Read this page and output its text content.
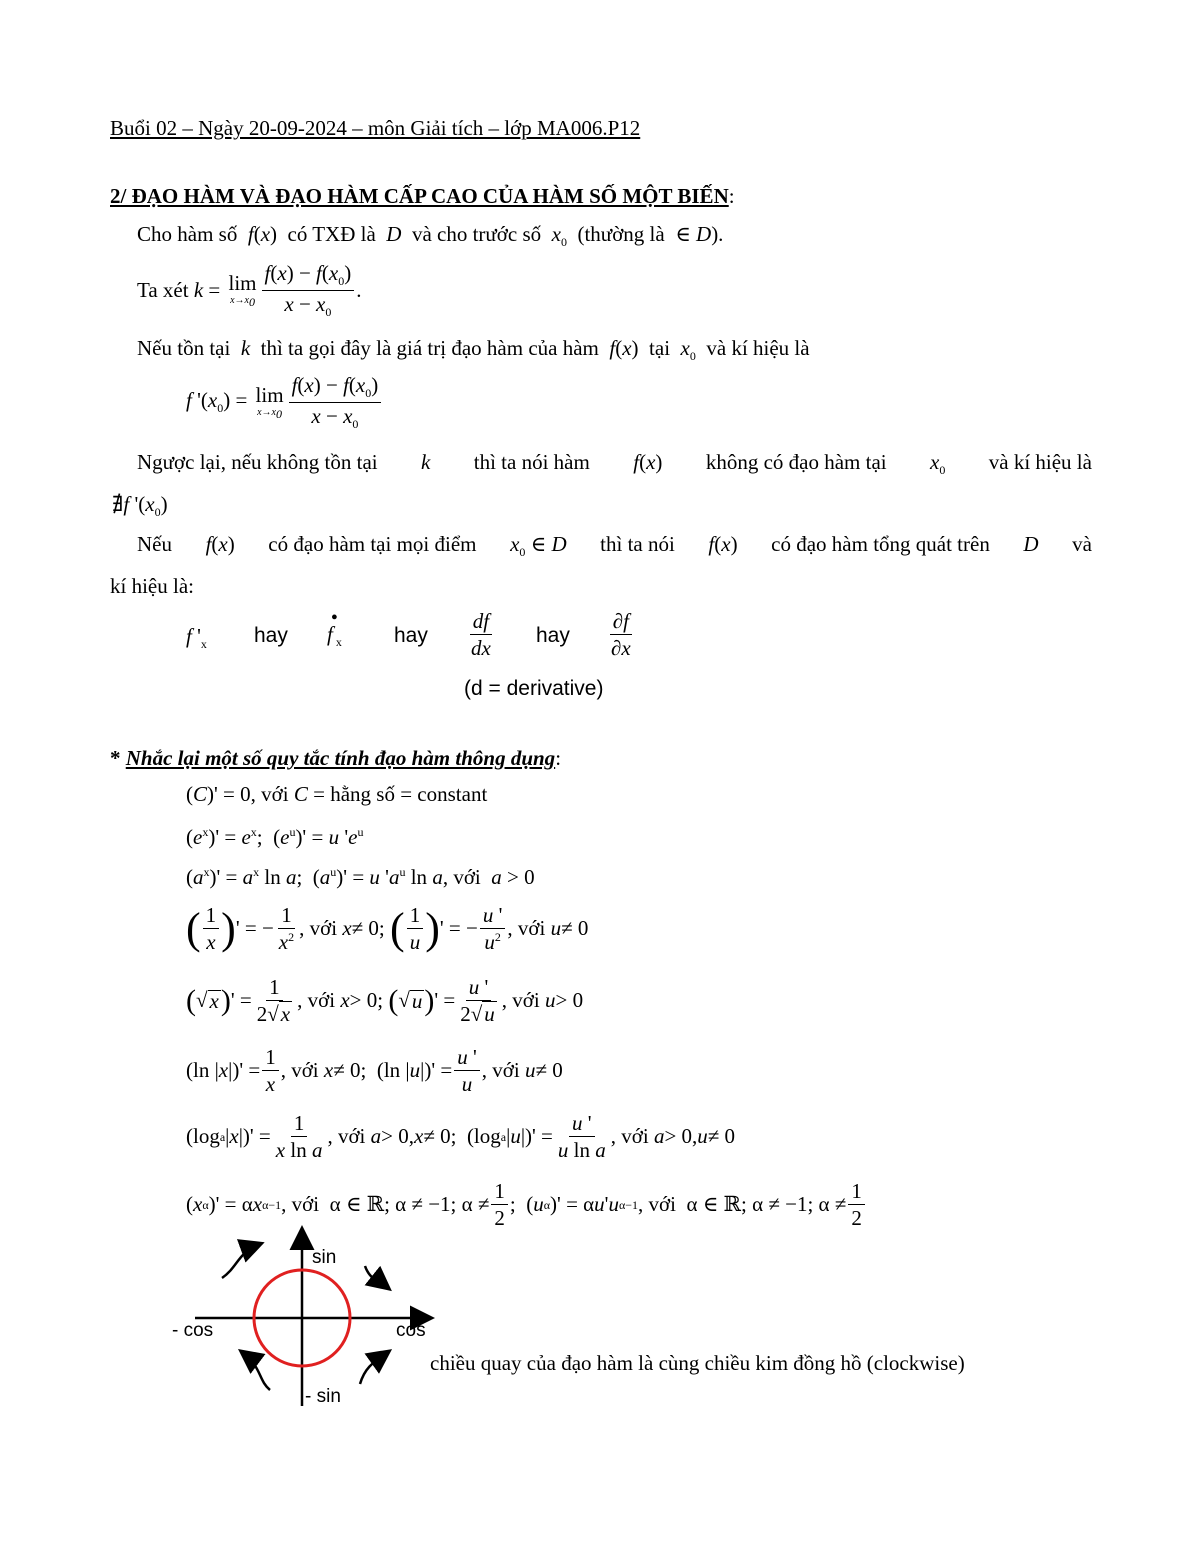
Buổi 02 – Ngày 20-09-2024 – môn Giải tích – lớp MA006.P12
2/ ĐẠO HÀM VÀ ĐẠO HÀM CẤP CAO CỦA HÀM SỐ MỘT BIẾN:
Cho hàm số  f(x)  có TXĐ là  D  và cho trước số  $x_0$ (thường là  ∈ D).
Ta xét k = lim
$x\to x_0 \frac{f(x) - f(x_0)}{x - x_0}$ .
Nếu tồn tại  k  thì ta gọi đây là giá trị đạo hàm của hàm  f(x)  tại  $x_0$ và kí hiệu là
f '$(x_0) = \lim$
$x\to x_0 \frac{f(x) - f(x_0)}{x - x_0}$
Ngược lại, nếu không tồn tại k thì ta nói hàm f(x) không có đạo hàm tại $x_0$ và kí hiệu là
∄f '$(x_0)$
Nếu f(x) có đạo hàm tại mọi điểm $x_0$ ∈ D thì ta nói f(x) có đạo hàm tổng quát trên D và
kí hiệu là:
f '$_x$ hay
•
f $_x$ hay $\frac{df}{dx}$ hay $\frac{\partial f}{\partial x}$
(d = derivative)
* Nhắc lại một số quy tắc tính đạo hàm thông dụng:
(C)' = 0, với C = hằng số = constant
$(e^x)' = e^x$;  $(e^u)' = u$ '$e^u$
$(a^x)' = a^x$ ln a;  $(a^u)' = u$ '$a^u$ ln a, với a > 0
( $\frac{1}{x}$ ) ' = − $\frac{1}{x^2}$ , với
x ≠ 0; ( $\frac{1}{u}$ ) ' = − $\frac{u '}{u^2}$ , với
u ≠ 0
( √ x ) ' = $\frac{1}{2√x}$ , với
x > 0; ( √ u ) ' = $\frac{u '}{2√u}$ , với
u > 0
(ln | x |)' = $\frac{1}{x}$ , với
x ≠ 0;  (ln | u |)' = $\frac{u '}{u}$ , với
u ≠ 0
(log a | x |)' = $\frac{1}{\text{x ln a}}$ , với
a > 0, x ≠ 0;  (log a | u |)' = $\frac{u '}{\text{u ln a}}$ , với
a > 0, u ≠ 0
( x α )' = α x α−1 , với α ∈ ℝ; α ≠ −1; $\alpha \ne \frac{1}{2}$ ;  ( u α )' = α u ' u α−1 , với α ∈ ℝ; α ≠ −1; $\alpha \ne \frac{1}{2}$
sin
- sin
cos
- cos
chiều quay của đạo hàm là cùng chiều kim đồng hồ (clockwise)
